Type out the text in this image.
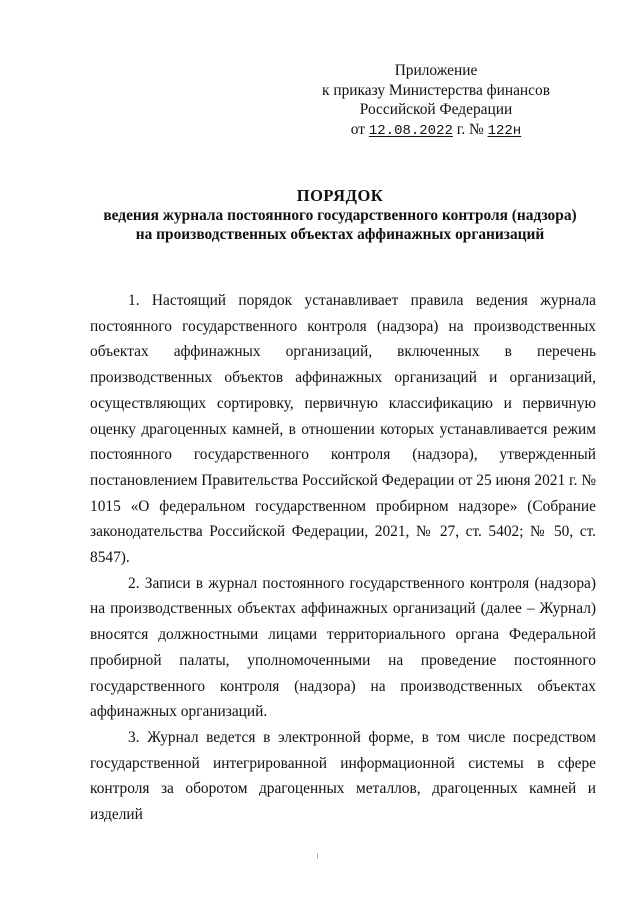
Приложение
к приказу Министерства финансов
Российской Федерации
от 12.08.2022 г. № 122н
ПОРЯДОК
ведения журнала постоянного государственного контроля (надзора)
на производственных объектах аффинажных организаций

1. Настоящий порядок устанавливает правила ведения журнала постоянного государственного контроля (надзора) на производственных объектах аффинажных организаций, включенных в перечень производственных объектов аффинажных организаций и организаций, осуществляющих сортировку, первичную классификацию и первичную оценку драгоценных камней, в отношении которых устанавливается режим постоянного государственного контроля (надзора), утвержденный постановлением Правительства Российской Федерации от 25 июня 2021 г. № 1015 «О федеральном государственном пробирном надзоре» (Собрание законодательства Российской Федерации, 2021, № 27, ст. 5402; № 50, ст. 8547).

2. Записи в журнал постоянного государственного контроля (надзора) на производственных объектах аффинажных организаций (далее – Журнал) вносятся должностными лицами территориального органа Федеральной пробирной палаты, уполномоченными на проведение постоянного государственного контроля (надзора) на производственных объектах аффинажных организаций.

3. Журнал ведется в электронной форме, в том числе посредством государственной интегрированной информационной системы в сфере контроля за оборотом драгоценных металлов, драгоценных камней и изделий
